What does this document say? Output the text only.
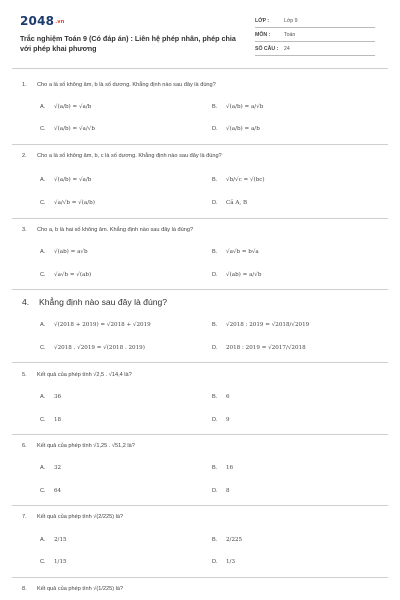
$2048^{.vn}$
Trắc nghiệm Toán 9 (Có đáp án) : Liên hệ phép nhân, phép chia với phép khai phương
LỚP :	Lớp 9
MÔN :	Toán
SỐ CÂU : 24
1. Cho a là số không âm, b là số dương. Khẳng định nào sau đây là đúng?
A. √(a/b) = √a/b	B. √(a/b) = a/√b
C. √(a/b) = √a/√b	D. √(a/b) = a/b
2. Cho a là số không âm, b, c là số dương. Khẳng định nào sau đây là đúng?
A. √(a/b) = √a/b	B. √b/√c = √(bc)
C. √a/√b = √(a/b)	D. Cả A, B
3. Cho a, b là hai số không âm. Khẳng định nào sau đây là đúng?
A. √(ab) = a√b	B. √a√b = b√a
C. √a√b = √(ab)	D. √(ab) = a/√b
4. Khẳng định nào sau đây là đúng?
A. √(2018 + 2019) = √2018 + √2019	B. √2018 : 2019 = √2018/√2019
C. √2018 . √2019 = √(2018 . 2019)	D. 2018 : 2019 = √2017/√2018
5. Kết quả của phép tính √2,5 . √14,4 là?
A. 36	B. 6
C. 18	D. 9
6. Kết quả của phép tính √1,25 . √51,2 là?
A. 32	B. 16
C. 64	D. 8
7. Kết quả của phép tính √(2/225) là?
A. 2/15	B. 2/225
C. 1/15	D. 1/3
8. Kết quả của phép tính √(1/225) là?
